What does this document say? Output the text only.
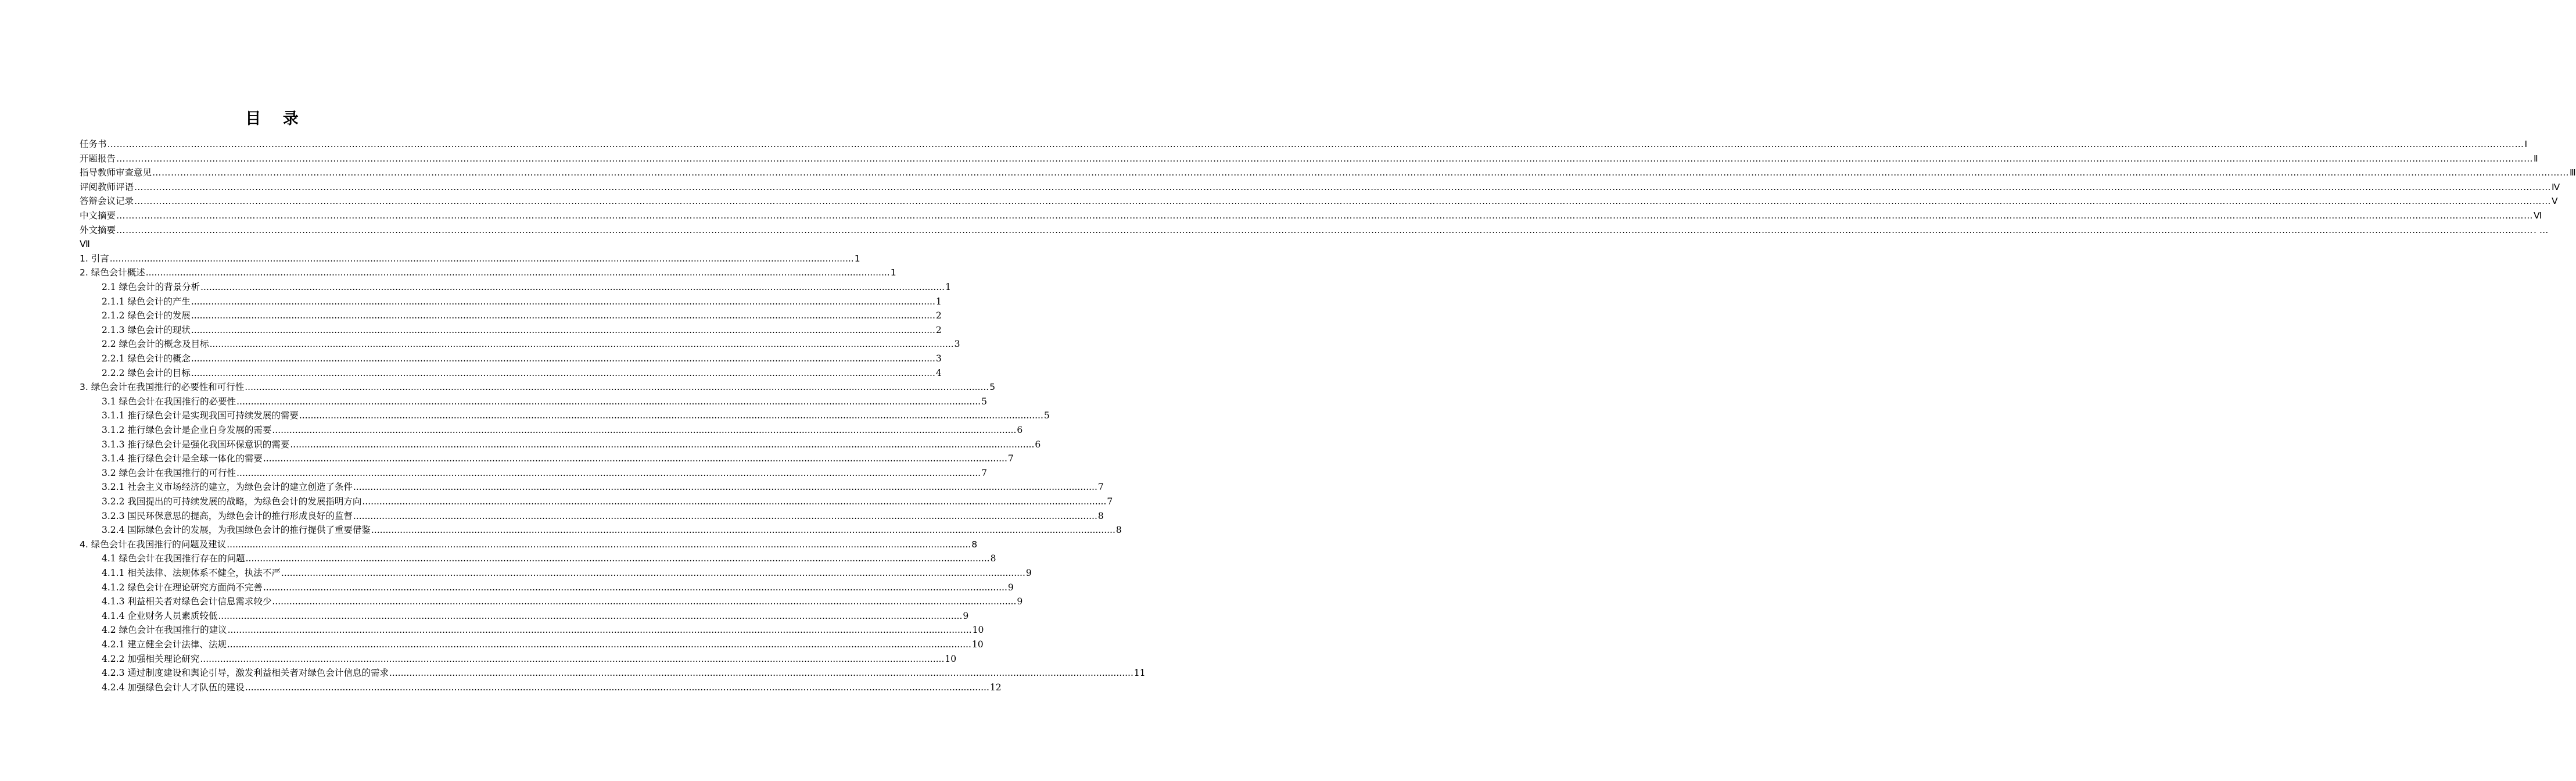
目 录
任务书 …………………………………………………………………………………………………………………………………………………………………………………………………………………………………………………………………………………………………………………………………………………………………………………………………………………………………………………………………………………………………………………………………………………………………………………………………………………………………………………………………………………………………………………… Ⅰ
开题报告 …………………………………………………………………………………………………………………………………………………………………………………………………………………………………………………………………………………………………………………………………………………………………………………………………………………………………………………………………………………………………………………………………………………………………………………………………………………………………………………………………………………………………………………… Ⅱ
指导教师审查意见 …………………………………………………………………………………………………………………………………………………………………………………………………………………………………………………………………………………………………………………………………………………………………………………………………………………………………………………………………………………………………………………………………………………………………………………………………………………………………………………………………………………………………………………… Ⅲ
评阅教师评语 …………………………………………………………………………………………………………………………………………………………………………………………………………………………………………………………………………………………………………………………………………………………………………………………………………………………………………………………………………………………………………………………………………………………………………………………………………………………………………………………………………………………………………………… Ⅳ
答辩会议记录 …………………………………………………………………………………………………………………………………………………………………………………………………………………………………………………………………………………………………………………………………………………………………………………………………………………………………………………………………………………………………………………………………………………………………………………………………………………………………………………………………………………………………………………… Ⅴ
中文摘要 …………………………………………………………………………………………………………………………………………………………………………………………………………………………………………………………………………………………………………………………………………………………………………………………………………………………………………………………………………………………………………………………………………………………………………………………………………………………………………………………………………………………………………………… Ⅵ
外文摘要 …………………………………………………………………………………………………………………………………………………………………………………………………………………………………………………………………………………………………………………………………………………………………………………………………………………………………………………………………………………………………………………………………………………………………………………………………………………………………………………………………………………………………………………… . …
Ⅶ
1. 引言 .................................................................................................................................................................................................................................................................... 1
2. 绿色会计概述 .................................................................................................................................................................................................................................................................... 1
2.1 绿色会计的背景分析 .................................................................................................................................................................................................................................................................... 1
2.1.1 绿色会计的产生 .................................................................................................................................................................................................................................................................... 1
2.1.2 绿色会计的发展 .................................................................................................................................................................................................................................................................... 2
2.1.3 绿色会计的现状 .................................................................................................................................................................................................................................................................... 2
2.2 绿色会计的概念及目标 .................................................................................................................................................................................................................................................................... 3
2.2.1 绿色会计的概念 .................................................................................................................................................................................................................................................................... 3
2.2.2 绿色会计的目标 .................................................................................................................................................................................................................................................................... 4
3. 绿色会计在我国推行的必要性和可行性 .................................................................................................................................................................................................................................................................... 5
3.1 绿色会计在我国推行的必要性 .................................................................................................................................................................................................................................................................... 5
3.1.1 推行绿色会计是实现我国可持续发展的需要 .................................................................................................................................................................................................................................................................... 5
3.1.2 推行绿色会计是企业自身发展的需要 .................................................................................................................................................................................................................................................................... 6
3.1.3 推行绿色会计是强化我国环保意识的需要 .................................................................................................................................................................................................................................................................... 6
3.1.4 推行绿色会计是全球一体化的需要 .................................................................................................................................................................................................................................................................... 7
3.2 绿色会计在我国推行的可行性 .................................................................................................................................................................................................................................................................... 7
3.2.1 社会主义市场经济的建立，为绿色会计的建立创造了条件 .................................................................................................................................................................................................................................................................... 7
3.2.2 我国提出的可持续发展的战略，为绿色会计的发展指明方向 .................................................................................................................................................................................................................................................................... 7
3.2.3 国民环保意思的提高，为绿色会计的推行形成良好的监督 .................................................................................................................................................................................................................................................................... 8
3.2.4 国际绿色会计的发展，为我国绿色会计的推行提供了重要借鉴 .................................................................................................................................................................................................................................................................... 8
4. 绿色会计在我国推行的问题及建议 .................................................................................................................................................................................................................................................................... 8
4.1 绿色会计在我国推行存在的问题 .................................................................................................................................................................................................................................................................... 8
4.1.1 相关法律、法规体系不健全，执法不严 .................................................................................................................................................................................................................................................................... 9
4.1.2 绿色会计在理论研究方面尚不完善 .................................................................................................................................................................................................................................................................... 9
4.1.3 利益相关者对绿色会计信息需求较少 .................................................................................................................................................................................................................................................................... 9
4.1.4 企业财务人员素质较低 .................................................................................................................................................................................................................................................................... 9
4.2 绿色会计在我国推行的建议 .................................................................................................................................................................................................................................................................... 10
4.2.1 建立健全会计法律、法规 .................................................................................................................................................................................................................................................................... 10
4.2.2 加强相关理论研究 .................................................................................................................................................................................................................................................................... 10
4.2.3 通过制度建设和舆论引导，激发利益相关者对绿色会计信息的需求 .................................................................................................................................................................................................................................................................... 11
4.2.4 加强绿色会计人才队伍的建设 .................................................................................................................................................................................................................................................................... 12
